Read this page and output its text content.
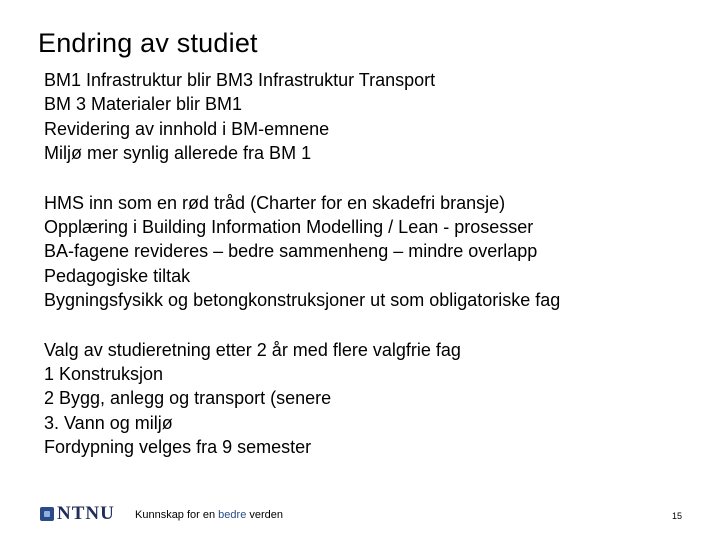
Endring av studiet
BM1 Infrastruktur blir BM3 Infrastruktur Transport
BM 3 Materialer blir BM1
Revidering av innhold i BM-emnene
Miljø mer synlig allerede fra BM 1
HMS inn som en rød tråd (Charter for en skadefri bransje)
Opplæring i Building Information Modelling / Lean - prosesser
BA-fagene revideres – bedre sammenheng – mindre overlapp
Pedagogiske tiltak
Bygningsfysikk og betongkonstruksjoner ut som obligatoriske fag
Valg av studieretning etter 2 år med flere valgfrie fag
1 Konstruksjon
2 Bygg, anlegg og transport (senere
3. Vann og miljø
Fordypning velges fra 9 semester
NTNU Kunnskap for en bedre verden	15
